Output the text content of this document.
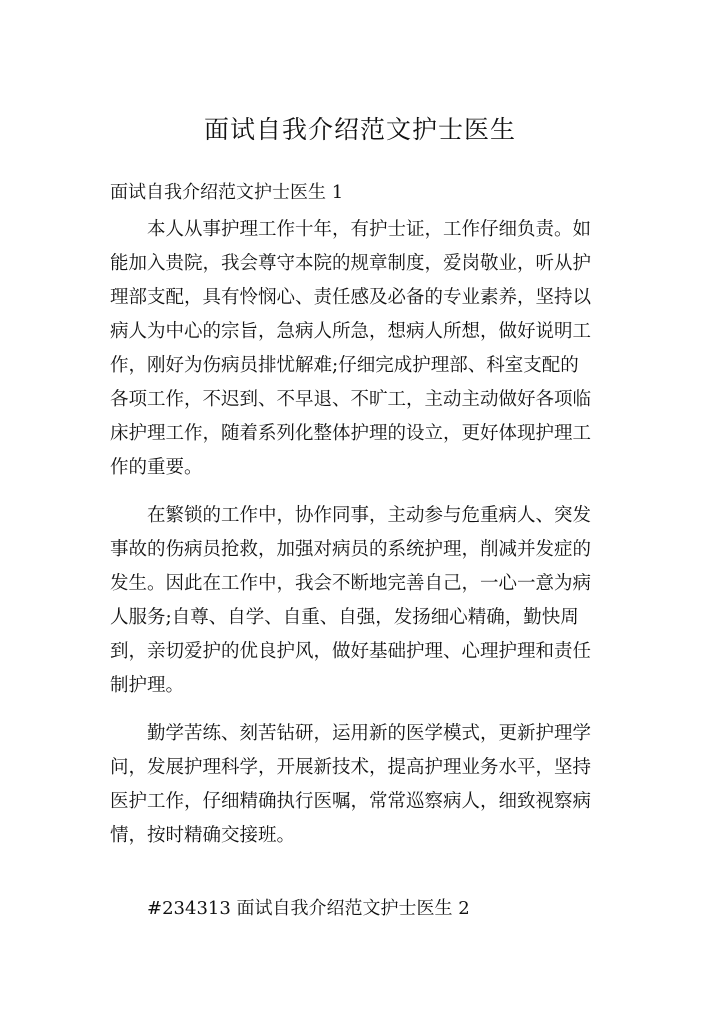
面试自我介绍范文护士医生
面试自我介绍范文护士医生 1

本人从事护理工作十年，有护士证，工作仔细负责。如
能加入贵院，我会尊守本院的规章制度，爱岗敬业，听从护
理部支配，具有怜悯心、责任感及必备的专业素养，坚持以
病人为中心的宗旨，急病人所急，想病人所想，做好说明工
作，刚好为伤病员排忧解难;仔细完成护理部、科室支配的
各项工作，不迟到、不早退、不旷工，主动主动做好各项临
床护理工作，随着系列化整体护理的设立，更好体现护理工
作的重要。

在繁锁的工作中，协作同事，主动参与危重病人、突发
事故的伤病员抢救，加强对病员的系统护理，削减并发症的
发生。因此在工作中，我会不断地完善自己，一心一意为病
人服务;自尊、自学、自重、自强，发扬细心精确，勤快周
到，亲切爱护的优良护风，做好基础护理、心理护理和责任
制护理。

勤学苦练、刻苦钻研，运用新的医学模式，更新护理学
问，发展护理科学，开展新技术，提高护理业务水平，坚持
医护工作，仔细精确执行医嘱，常常巡察病人，细致视察病
情，按时精确交接班。

#234313 面试自我介绍范文护士医生 2
